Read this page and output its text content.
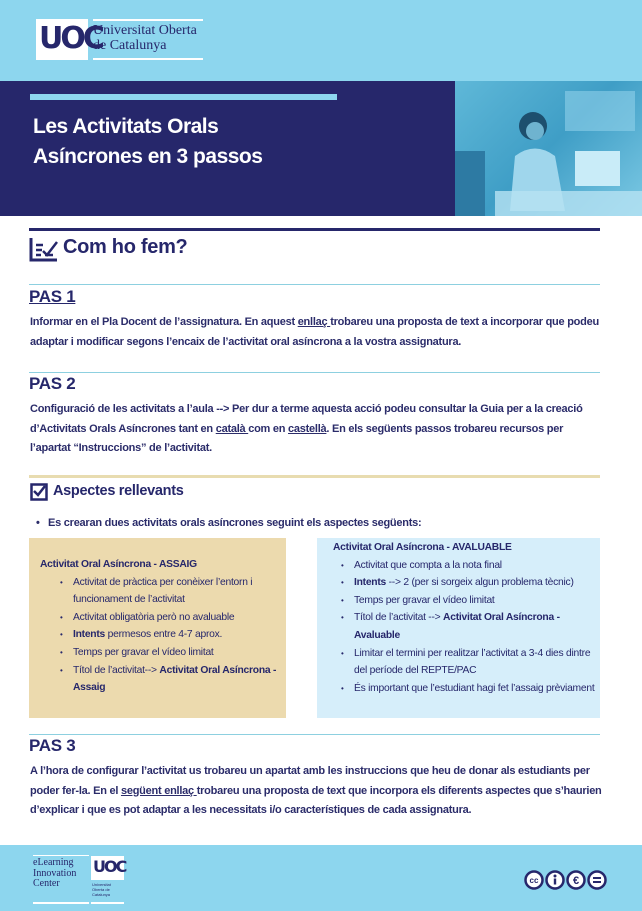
UOC
Universitat Oberta
de Catalunya
Les Activitats Orals
Asíncrones en 3 passos
Com ho fem?
PAS 1

Informar en el Pla Docent de l’assignatura. En aquest enllaç trobareu una proposta de text a incorporar que podeu adaptar i modificar segons l’encaix de l’activitat oral asíncrona a la vostra assignatura.

PAS 2

Configuració de les activitats a l’aula --> Per dur a terme aquesta acció podeu consultar la Guia per a la creació d’Activitats Orals Asíncrones tant en català com en castellà. En els següents passos trobareu recursos per l’apartat “Instruccions” de l’activitat.

Aspectes rellevants

•   Es crearan dues activitats orals asíncrones seguint els aspectes següents:

Activitat Oral Asíncrona - ASSAIG
• Activitat de pràctica per conèixer l’entorn i funcionament de l’activitat
• Activitat obligatòria però no avaluable
• Intents permesos entre 4-7 aprox.
• Temps per gravar el vídeo limitat
• Títol de l’activitat--> Activitat Oral Asíncrona - Assaig
Activitat Oral Asíncrona - AVALUABLE
• Activitat que compta a la nota final
• Intents --> 2 (per si sorgeix algun problema tècnic)
• Temps per gravar el vídeo limitat
• Títol de l’activitat --> Activitat Oral Asíncrona - Avaluable
• Limitar el termini per realitzar l’activitat a 3-4 dies dintre del període del REPTE/PAC
• És important que l’estudiant hagi fet l’assaig prèviament
PAS 3

A l’hora de configurar l’activitat us trobareu un apartat amb les instruccions que heu de donar als estudiants per poder fer-la. En el següent enllaç trobareu una proposta de text que incorpora els diferents aspectes que s’haurien d’explicar i que es pot adaptar a les necessitats i/o característiques de cada assignatura.

eLearning Innovation Center
UOC
Universitat Oberta de Catalunya
cc	€
